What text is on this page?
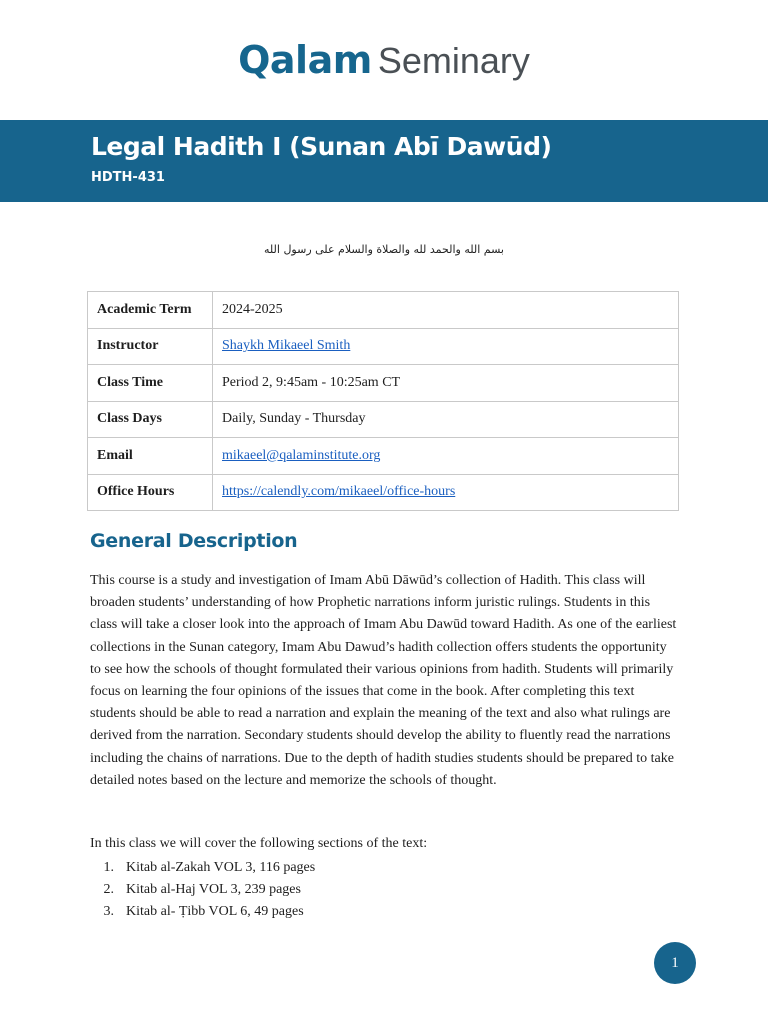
Qalam Seminary
Legal Hadith I (Sunan Abī Dawūd)
HDTH-431
بسم الله والحمد لله والصلاة والسلام على رسول الله
Academic Term	2024-2025
Instructor	Shaykh Mikaeel Smith
Class Time	Period 2, 9:45am - 10:25am CT
Class Days	Daily, Sunday - Thursday
Email	mikaeel@qalaminstitute.org
Office Hours	https://calendly.com/mikaeel/office-hours
General Description

This course is a study and investigation of Imam Abū Dāwūd’s collection of Hadith. This class will broaden students’ understanding of how Prophetic narrations inform juristic rulings. Students in this class will take a closer look into the approach of Imam Abu Dawūd toward Hadith. As one of the earliest collections in the Sunan category, Imam Abu Dawud’s hadith collection offers students the opportunity to see how the schools of thought formulated their various opinions from hadith. Students will primarily focus on learning the four opinions of the issues that come in the book. After completing this text students should be able to read a narration and explain the meaning of the text and also what rulings are derived from the narration. Secondary students should develop the ability to fluently read the narrations including the chains of narrations. Due to the depth of hadith studies students should be prepared to take detailed notes based on the lecture and memorize the schools of thought.

In this class we will cover the following sections of the text:

1. Kitab al-Zakah VOL 3, 116 pages
2. Kitab al-Haj VOL 3, 239 pages
3. Kitab al- Ṭibb VOL 6, 49 pages
1
